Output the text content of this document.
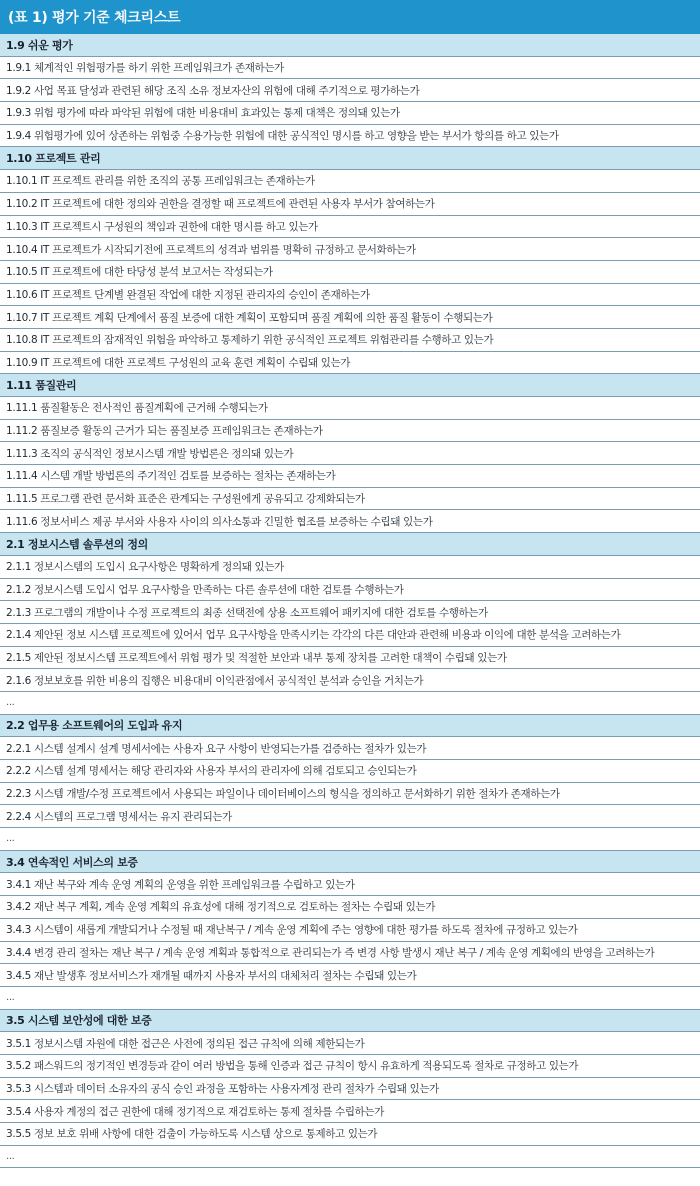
(표 1) 평가 기준 체크리스트
1.9 쉬운 평가
1.9.1 체계적인 위험평가를 하기 위한 프레임워크가 존재하는가
1.9.2 사업 목표 달성과 관련된 해당 조직 소유 정보자산의 위험에 대해 주기적으로 평가하는가
1.9.3 위험 평가에 따라 파악된 위험에 대한 비용대비 효과있는 통제 대책은 정의돼 있는가
1.9.4 위험평가에 있어 상존하는 위험중 수용가능한 위험에 대한 공식적인 명시를 하고 영향을 받는 부서가 항의를 하고 있는가
1.10 프로젝트 관리
1.10.1 IT 프로젝트 관리를 위한 조직의 공통 프레임워크는 존재하는가
1.10.2 IT 프로젝트에 대한 정의와 권한을 결정할 때 프로젝트에 관련된 사용자 부서가 참여하는가
1.10.3 IT 프로젝트시 구성원의 책임과 권한에 대한 명시를 하고 있는가
1.10.4 IT 프로젝트가 시작되기전에 프로젝트의 성격과 범위를 명확히 규정하고 문서화하는가
1.10.5 IT 프로젝트에 대한 타당성 분석 보고서는 작성되는가
1.10.6 IT 프로젝트 단계별 완결된 작업에 대한 지정된 관리자의 승인이 존재하는가
1.10.7 IT 프로젝트 계획 단계에서 품질 보증에 대한 계획이 포함되며 품질 계획에 의한 품질 활동이 수행되는가
1.10.8 IT 프로젝트의 잠재적인 위험을 파악하고 통제하기 위한 공식적인 프로젝트 위험관리를 수행하고 있는가
1.10.9 IT 프로젝트에 대한 프로젝트 구성원의 교육 훈련 계획이 수립돼 있는가
1.11 품질관리
1.11.1 품질활동은 전사적인 품질계획에 근거해 수행되는가
1.11.2 품질보증 활동의 근거가 되는 품질보증 프레임워크는 존재하는가
1.11.3 조직의 공식적인 정보시스템 개발 방법론은 정의돼 있는가
1.11.4 시스템 개발 방법론의 주기적인 검토를 보증하는 절차는 존재하는가
1.11.5 프로그램 관련 문서화 표준은 관계되는 구성원에게 공유되고 강제화되는가
1.11.6 정보서비스 제공 부서와 사용자 사이의 의사소통과 긴밀한 협조를 보증하는 수립돼 있는가
2.1 정보시스템 솔루션의 정의
2.1.1 정보시스템의 도입시 요구사항은 명확하게 정의돼 있는가
2.1.2 정보시스템 도입시 업무 요구사항을 만족하는 다른 솔루션에 대한 검토를 수행하는가
2.1.3 프로그램의 개발이나 수정 프로젝트의 최종 선택전에 상용 소프트웨어 패키지에 대한 검토를 수행하는가
2.1.4 제안된 정보 시스템 프로젝트에 있어서 업무 요구사항을 만족시키는 각각의 다른 대안과 관련해 비용과 이익에 대한 분석을 고려하는가
2.1.5 제안된 정보시스템 프로젝트에서 위험 평가 및 적절한 보안과 내부 통제 장치를 고려한 대책이 수립돼 있는가
2.1.6 정보보호를 위한 비용의 집행은 비용대비 이익관점에서 공식적인 분석과 승인을 거치는가
...
2.2 업무용 소프트웨어의 도입과 유지
2.2.1 시스템 설계시 설계 명세서에는 사용자 요구 사항이 반영되는가를 검증하는 절차가 있는가
2.2.2 시스템 설계 명세서는 해당 관리자와 사용자 부서의 관리자에 의해 검토되고 승인되는가
2.2.3 시스템 개발/수정 프로젝트에서 사용되는 파일이나 데이터베이스의 형식을 정의하고 문서화하기 위한 절차가 존재하는가
2.2.4 시스템의 프로그램 명세서는 유지 관리되는가
...
3.4 연속적인 서비스의 보증
3.4.1 재난 복구와 계속 운영 계획의 운영을 위한 프레임워크를 수립하고 있는가
3.4.2 재난 복구 계획, 계속 운영 계획의 유효성에 대해 정기적으로 검토하는 절차는 수립돼 있는가
3.4.3 시스템이 새롭게 개발되거나 수정될 때 재난복구 / 계속 운영 계획에 주는 영향에 대한 평가를 하도록 절차에 규정하고 있는가
3.4.4 변경 관리 절차는 재난 복구 / 계속 운영 계획과 통합적으로 관리되는가 즉 변경 사항 발생시 재난 복구 / 계속 운영 계획에의 반영을 고려하는가
3.4.5 재난 발생후 정보서비스가 재개될 때까지 사용자 부서의 대체처리 절차는 수립돼 있는가
...
3.5 시스템 보안성에 대한 보증
3.5.1 정보시스템 자원에 대한 접근은 사전에 정의된 접근 규칙에 의해 제한되는가
3.5.2 패스워드의 정기적인 변경등과 같이 여러 방법을 통해 인증과 접근 규칙이 항시 유효하게 적용되도록 절차로 규정하고 있는가
3.5.3 시스템과 데이터 소유자의 공식 승인 과정을 포함하는 사용자계정 관리 절차가 수립돼 있는가
3.5.4 사용자 계정의 접근 권한에 대해 정기적으로 재검토하는 통제 절차를 수립하는가
3.5.5 정보 보호 위배 사항에 대한 검출이 가능하도록 시스템 상으로 통제하고 있는가
...
